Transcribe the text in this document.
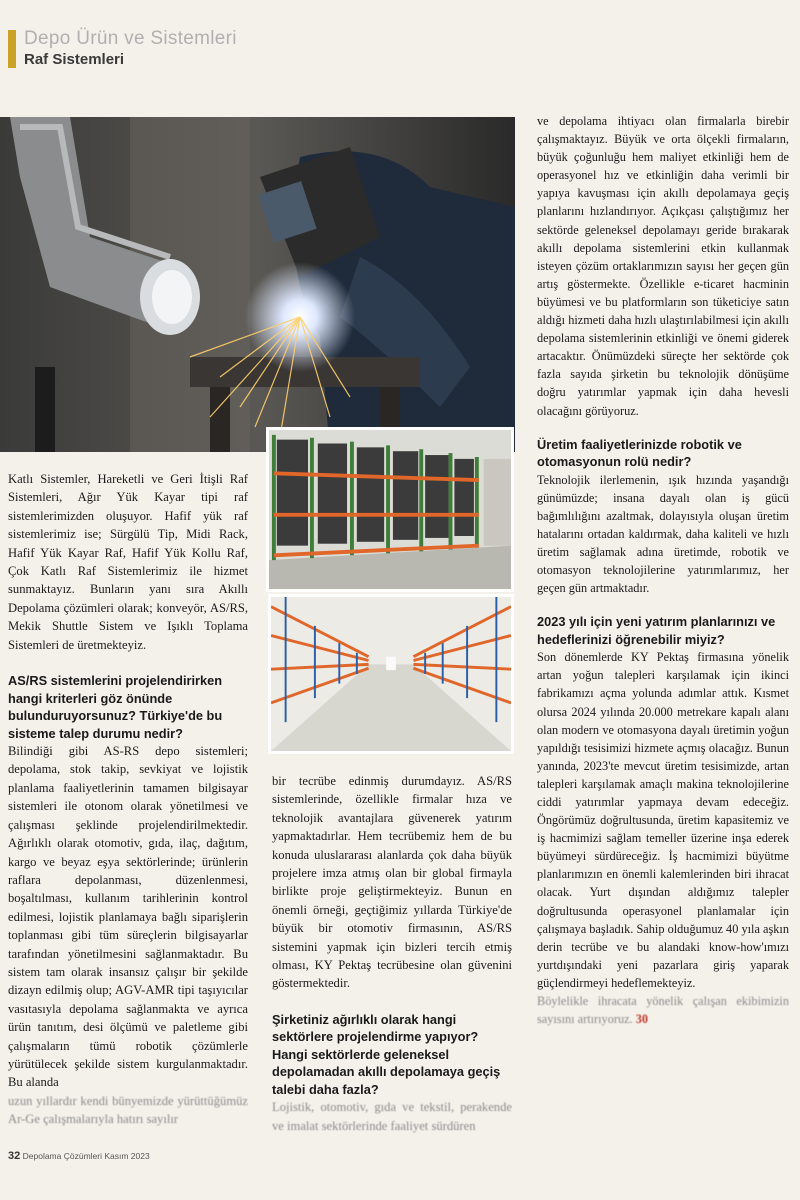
Depo Ürün ve Sistemleri
Raf Sistemleri

Katlı Sistemler, Hareketli ve Geri İtişli Raf Sistemleri, Ağır Yük Kayar tipi raf sistemlerimizden oluşuyor. Hafif yük raf sistemlerimiz ise; Sürgülü Tip, Midi Rack, Hafif Yük Kayar Raf, Hafif Yük Kollu Raf, Çok Katlı Raf Sistemlerimiz ile hizmet sunmaktayız. Bunların yanı sıra Akıllı Depolama çözümleri olarak; konveyör, AS/RS, Mekik Shuttle Sistem ve Işıklı Toplama Sistemleri de üretmekteyiz.

AS/RS sistemlerini projelendirirken hangi kriterleri göz önünde bulunduruyorsunuz? Türkiye'de bu sisteme talep durumu nedir?

Bilindiği gibi AS-RS depo sistemleri; depolama, stok takip, sevkiyat ve lojistik planlama faaliyetlerinin tamamen bilgisayar sistemleri ile otonom olarak yönetilmesi ve çalışması şeklinde projelendirilmektedir. Ağırlıklı olarak otomotiv, gıda, ilaç, dağıtım, kargo ve beyaz eşya sektörlerinde; ürünlerin raflara depolanması, düzenlenmesi, boşaltılması, kullanım tarihlerinin kontrol edilmesi, lojistik planlamaya bağlı siparişlerin toplanması gibi tüm süreçlerin bilgisayarlar tarafından yönetilmesini sağlanmaktadır. Bu sistem tam olarak insansız çalışır bir şekilde dizayn edilmiş olup; AGV-AMR tipi taşıyıcılar vasıtasıyla depolama sağlanmakta ve ayrıca ürün tanıtım, desi ölçümü ve paletleme gibi çalışmaların tümü robotik çözümlerle yürütülecek şekilde sistem kurgulanmaktadır. Bu alanda

uzun yıllardır kendi bünyemizde yürüttüğümüz Ar-Ge çalışmalarıyla hatırı sayılır

bir tecrübe edinmiş durumdayız. AS/RS sistemlerinde, özellikle firmalar hıza ve teknolojik avantajlara güvenerek yatırım yapmaktadırlar. Hem tecrübemiz hem de bu konuda uluslararası alanlarda çok daha büyük projelere imza atmış olan bir global firmayla birlikte proje geliştirmekteyiz. Bunun en önemli örneği, geçtiğimiz yıllarda Türkiye'de büyük bir otomotiv firmasının, AS/RS sistemini yapmak için bizleri tercih etmiş olması, KY Pektaş tecrübesine olan güvenini göstermektedir.

Şirketiniz ağırlıklı olarak hangi sektörlere projelendirme yapıyor? Hangi sektörlerde geleneksel depolamadan akıllı depolamaya geçiş talebi daha fazla?

Lojistik, otomotiv, gıda ve tekstil, perakende ve imalat sektörlerinde faaliyet sürdüren

ve depolama ihtiyacı olan firmalarla birebir çalışmaktayız. Büyük ve orta ölçekli firmaların, büyük çoğunluğu hem maliyet etkinliği hem de operasyonel hız ve etkinliğin daha verimli bir yapıya kavuşması için akıllı depolamaya geçiş planlarını hızlandırıyor. Açıkçası çalıştığımız her sektörde geleneksel depolamayı geride bırakarak akıllı depolama sistemlerini etkin kullanmak isteyen çözüm ortaklarımızın sayısı her geçen gün artış göstermekte. Özellikle e-ticaret hacminin büyümesi ve bu platformların son tüketiciye satın aldığı hizmeti daha hızlı ulaştırılabilmesi için akıllı depolama sistemlerinin etkinliği ve önemi giderek artacaktır. Önümüzdeki süreçte her sektörde çok fazla sayıda şirketin bu teknolojik dönüşüme doğru yatırımlar yapmak için daha hevesli olacağını görüyoruz.

Üretim faaliyetlerinizde robotik ve otomasyonun rolü nedir?

Teknolojik ilerlemenin, ışık hızında yaşandığı günümüzde; insana dayalı olan iş gücü bağımlılığını azaltmak, dolayısıyla oluşan üretim hatalarını ortadan kaldırmak, daha kaliteli ve hızlı üretim sağlamak adına üretimde, robotik ve otomasyon teknolojilerine yatırımlarımız, her geçen gün artmaktadır.

2023 yılı için yeni yatırım planlarınızı ve hedeflerinizi öğrenebilir miyiz?

Son dönemlerde KY Pektaş firmasına yönelik artan yoğun talepleri karşılamak için ikinci fabrikamızı açma yolunda adımlar attık. Kısmet olursa 2024 yılında 20.000 metrekare kapalı alanı olan modern ve otomasyona dayalı üretimin yoğun yapıldığı tesisimizi hizmete açmış olacağız. Bunun yanında, 2023'te mevcut üretim tesisimizde, artan talepleri karşılamak amaçlı makina teknolojilerine ciddi yatırımlar yapmaya devam edeceğiz. Öngörümüz doğrultusunda, üretim kapasitemiz ve iş hacmimizi sağlam temeller üzerine inşa ederek büyümeyi sürdüreceğiz. İş hacmimizi büyütme planlarımızın en önemli kalemlerinden biri ihracat olacak. Yurt dışından aldığımız talepler doğrultusunda operasyonel planlamalar için çalışmaya başladık. Sahip olduğumuz 40 yıla aşkın derin tecrübe ve bu alandaki know-how'ımızı yurtdışındaki yeni pazarlara giriş yaparak güçlendirmeyi hedeflemekteyiz.

Böylelikle ihracata yönelik çalışan ekibimizin sayısını artırıyoruz. 30

32 Depolama Çözümleri Kasım 2023
